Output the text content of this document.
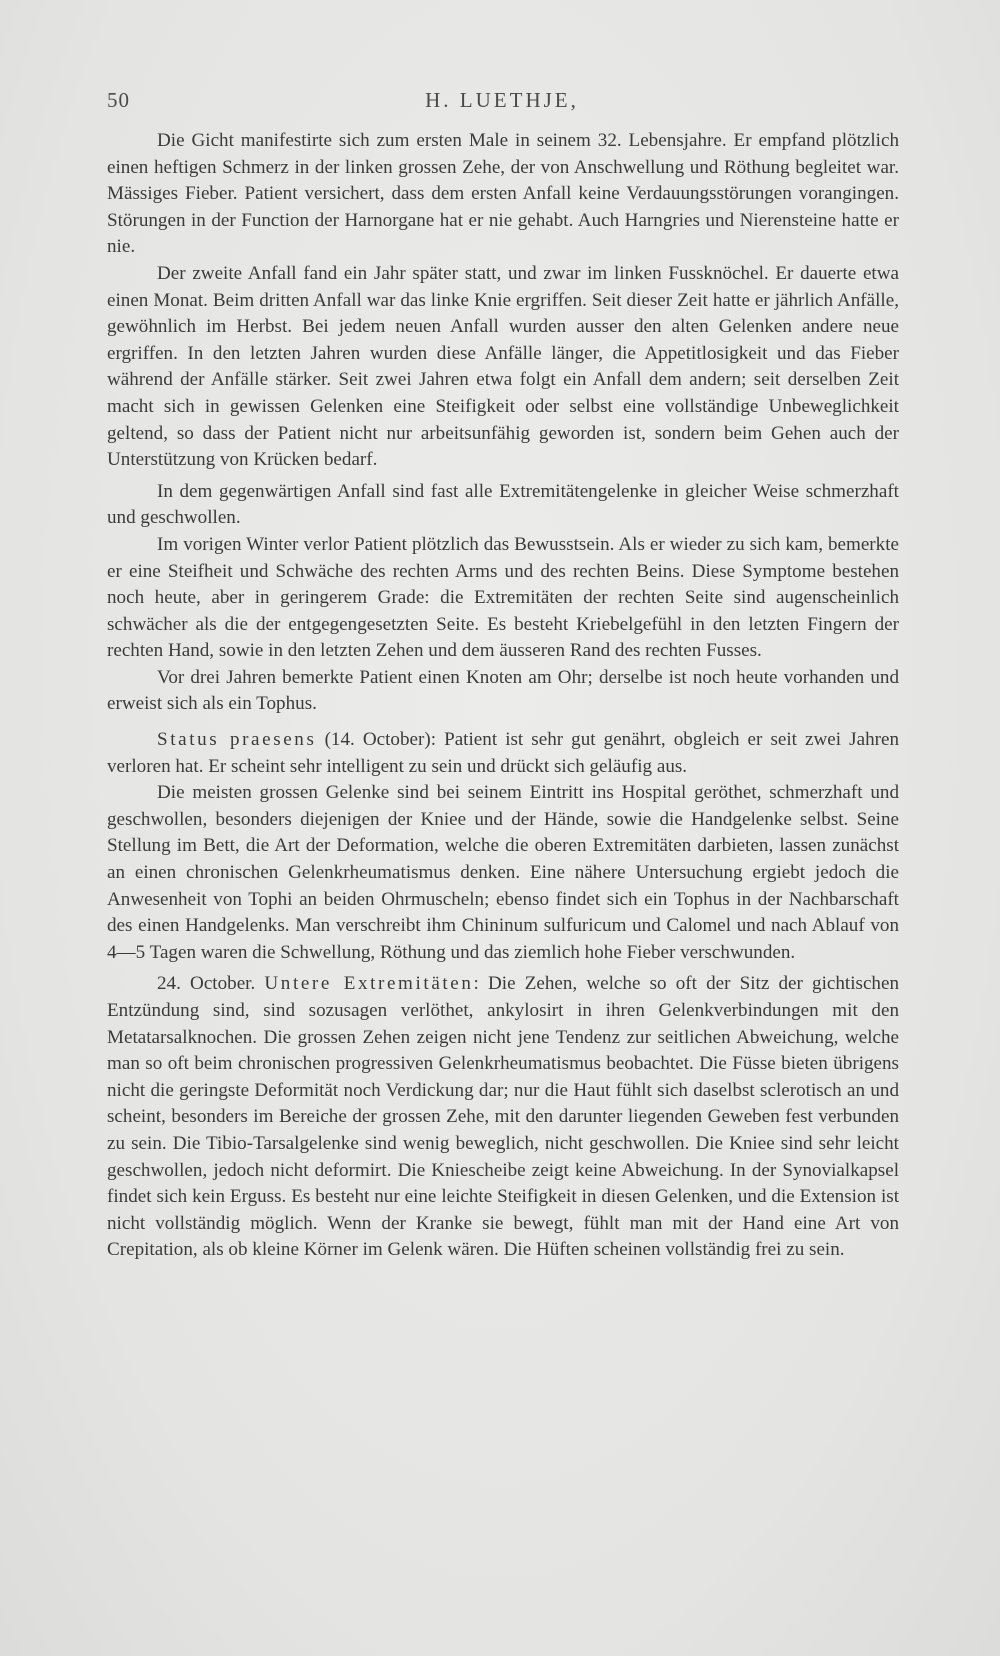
50	H. LUETHJE,

Die Gicht manifestirte sich zum ersten Male in seinem 32. Lebensjahre. Er empfand plötzlich einen heftigen Schmerz in der linken grossen Zehe, der von Anschwellung und Röthung begleitet war. Mässiges Fieber. Patient versichert, dass dem ersten Anfall keine Verdauungsstörungen vorangingen. Störungen in der Function der Harnorgane hat er nie gehabt. Auch Harngries und Nierensteine hatte er nie.

Der zweite Anfall fand ein Jahr später statt, und zwar im linken Fussknöchel. Er dauerte etwa einen Monat. Beim dritten Anfall war das linke Knie ergriffen. Seit dieser Zeit hatte er jährlich Anfälle, gewöhnlich im Herbst. Bei jedem neuen Anfall wurden ausser den alten Gelenken andere neue ergriffen. In den letzten Jahren wurden diese Anfälle länger, die Appetitlosigkeit und das Fieber während der Anfälle stärker. Seit zwei Jahren etwa folgt ein Anfall dem andern; seit derselben Zeit macht sich in gewissen Gelenken eine Steifigkeit oder selbst eine vollständige Unbeweglichkeit geltend, so dass der Patient nicht nur arbeitsunfähig geworden ist, sondern beim Gehen auch der Unterstützung von Krücken bedarf.

In dem gegenwärtigen Anfall sind fast alle Extremitätengelenke in gleicher Weise schmerzhaft und geschwollen.

Im vorigen Winter verlor Patient plötzlich das Bewusstsein. Als er wieder zu sich kam, bemerkte er eine Steifheit und Schwäche des rechten Arms und des rechten Beins. Diese Symptome bestehen noch heute, aber in geringerem Grade: die Extremitäten der rechten Seite sind augenscheinlich schwächer als die der entgegengesetzten Seite. Es besteht Kriebelgefühl in den letzten Fingern der rechten Hand, sowie in den letzten Zehen und dem äusseren Rand des rechten Fusses.

Vor drei Jahren bemerkte Patient einen Knoten am Ohr; derselbe ist noch heute vorhanden und erweist sich als ein Tophus.

Status praesens (14. October): Patient ist sehr gut genährt, obgleich er seit zwei Jahren verloren hat. Er scheint sehr intelligent zu sein und drückt sich geläufig aus.

Die meisten grossen Gelenke sind bei seinem Eintritt ins Hospital geröthet, schmerzhaft und geschwollen, besonders diejenigen der Kniee und der Hände, sowie die Handgelenke selbst. Seine Stellung im Bett, die Art der Deformation, welche die oberen Extremitäten darbieten, lassen zunächst an einen chronischen Gelenkrheumatismus denken. Eine nähere Untersuchung ergiebt jedoch die Anwesenheit von Tophi an beiden Ohrmuscheln; ebenso findet sich ein Tophus in der Nachbarschaft des einen Handgelenks. Man verschreibt ihm Chininum sulfuricum und Calomel und nach Ablauf von 4—5 Tagen waren die Schwellung, Röthung und das ziemlich hohe Fieber verschwunden.

24. October. Untere Extremitäten: Die Zehen, welche so oft der Sitz der gichtischen Entzündung sind, sind sozusagen verlöthet, ankylosirt in ihren Gelenkverbindungen mit den Metatarsalknochen. Die grossen Zehen zeigen nicht jene Tendenz zur seitlichen Abweichung, welche man so oft beim chronischen progressiven Gelenkrheumatismus beobachtet. Die Füsse bieten übrigens nicht die geringste Deformität noch Verdickung dar; nur die Haut fühlt sich daselbst sclerotisch an und scheint, besonders im Bereiche der grossen Zehe, mit den darunter liegenden Geweben fest verbunden zu sein. Die Tibio-Tarsalgelenke sind wenig beweglich, nicht geschwollen. Die Kniee sind sehr leicht geschwollen, jedoch nicht deformirt. Die Kniescheibe zeigt keine Abweichung. In der Synovialkapsel findet sich kein Erguss. Es besteht nur eine leichte Steifigkeit in diesen Gelenken, und die Extension ist nicht vollständig möglich. Wenn der Kranke sie bewegt, fühlt man mit der Hand eine Art von Crepitation, als ob kleine Körner im Gelenk wären. Die Hüften scheinen vollständig frei zu sein.
